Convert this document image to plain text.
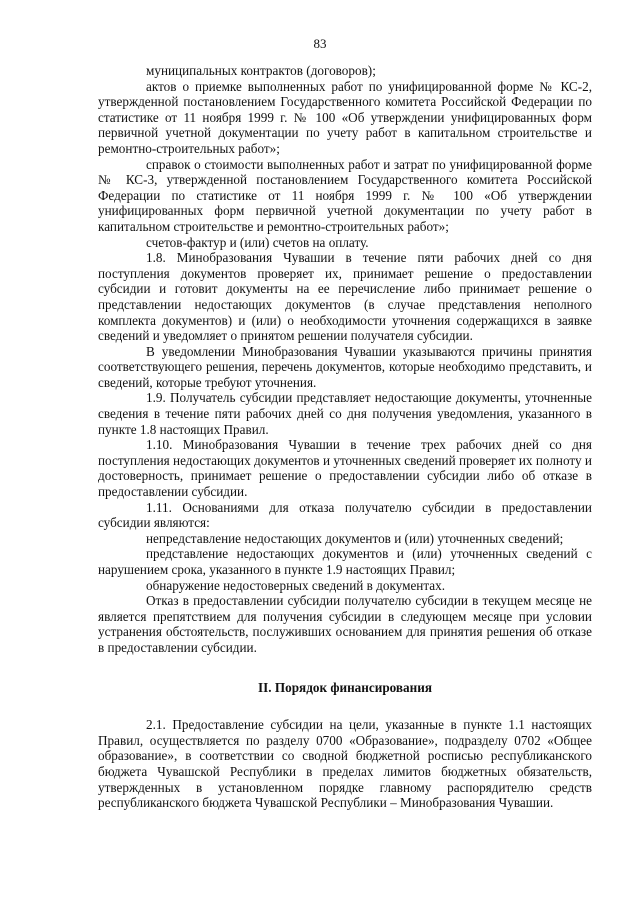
83

муниципальных контрактов (договоров);

актов о приемке выполненных работ по унифицированной форме № КС-2, утвержденной постановлением Государственного комитета Российской Федерации по статистике от 11 ноября 1999 г. № 100 «Об утверждении унифицированных форм первичной учетной документации по учету работ в капитальном строительстве и ремонтно-строительных работ»;

справок о стоимости выполненных работ и затрат по унифицированной форме № КС-3, утвержденной постановлением Государственного комитета Российской Федерации по статистике от 11 ноября 1999 г. № 100 «Об утверждении унифицированных форм первичной учетной документации по учету работ в капитальном строительстве и ремонтно-строительных работ»;

счетов-фактур и (или) счетов на оплату.

1.8. Минобразования Чувашии в течение пяти рабочих дней со дня поступления документов проверяет их, принимает решение о предоставлении субсидии и готовит документы на ее перечисление либо принимает решение о представлении недостающих документов (в случае представления неполного комплекта документов) и (или) о необходимости уточнения содержащихся в заявке сведений и уведомляет о принятом решении получателя субсидии.

В уведомлении Минобразования Чувашии указываются причины принятия соответствующего решения, перечень документов, которые необходимо представить, и сведений, которые требуют уточнения.

1.9. Получатель субсидии представляет недостающие документы, уточненные сведения в течение пяти рабочих дней со дня получения уведомления, указанного в пункте 1.8 настоящих Правил.

1.10. Минобразования Чувашии в течение трех рабочих дней со дня поступления недостающих документов и уточненных сведений проверяет их полноту и достоверность, принимает решение о предоставлении субсидии либо об отказе в предоставлении субсидии.

1.11. Основаниями для отказа получателю субсидии в предоставлении субсидии являются:

непредставление недостающих документов и (или) уточненных сведений;

представление недостающих документов и (или) уточненных сведений с нарушением срока, указанного в пункте 1.9 настоящих Правил;

обнаружение недостоверных сведений в документах.

Отказ в предоставлении субсидии получателю субсидии в текущем месяце не является препятствием для получения субсидии в следующем месяце при условии устранения обстоятельств, послуживших основанием для принятия решения об отказе в предоставлении субсидии.

II. Порядок финансирования

2.1. Предоставление субсидии на цели, указанные в пункте 1.1 настоящих Правил, осуществляется по разделу 0700 «Образование», подразделу 0702 «Общее образование», в соответствии со сводной бюджетной росписью республиканского бюджета Чувашской Республики в пределах лимитов бюджетных обязательств, утвержденных в установленном порядке главному распорядителю средств республиканского бюджета Чувашской Республики – Минобразования Чувашии.
